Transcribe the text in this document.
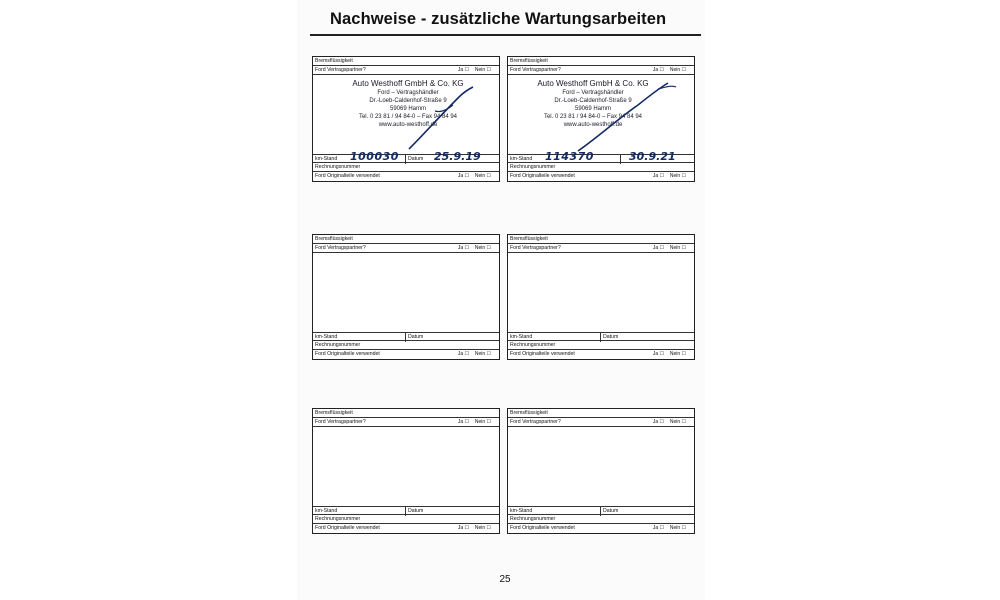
Nachweise - zusätzliche Wartungsarbeiten
Bremsflüssigkeit
Ford Vertragspartner?	Ja ☐ Nein ☐
Auto Westhoff GmbH & Co. KG
Ford – Vertragshändler
Dr.-Loeb-Caldenhof-Straße 9
59069 Hamm
Tel. 0 23 81 / 94 84-0 – Fax 94 84 94
www.auto-westhoff.de
km-Stand 100030 Datum 25.9.19
Rechnungsnummer
Ford Originalteile verwendet	Ja ☐ Nein ☐
Bremsflüssigkeit
Ford Vertragspartner?	Ja ☐ Nein ☐
Auto Westhoff GmbH & Co. KG
Ford – Vertragshändler
Dr.-Loeb-Caldenhof-Straße 9
59069 Hamm
Tel. 0 23 81 / 94 84-0 – Fax 94 84 94
www.auto-westhoff.de
km-Stand 114370	30.9.21
Rechnungsnummer
Ford Originalteile verwendet	Ja ☐ Nein ☐
Bremsflüssigkeit
Ford Vertragspartner?	Ja ☐ Nein ☐
km-Stand	Datum
Rechnungsnummer
Ford Originalteile verwendet	Ja ☐ Nein ☐
Bremsflüssigkeit
Ford Vertragspartner?	Ja ☐ Nein ☐
km-Stand	Datum
Rechnungsnummer
Ford Originalteile verwendet	Ja ☐ Nein ☐
Bremsflüssigkeit
Ford Vertragspartner?	Ja ☐ Nein ☐
km-Stand	Datum
Rechnungsnummer
Ford Originalteile verwendet	Ja ☐ Nein ☐
Bremsflüssigkeit
Ford Vertragspartner?	Ja ☐ Nein ☐
km-Stand	Datum
Rechnungsnummer
Ford Originalteile verwendet	Ja ☐ Nein ☐
25
